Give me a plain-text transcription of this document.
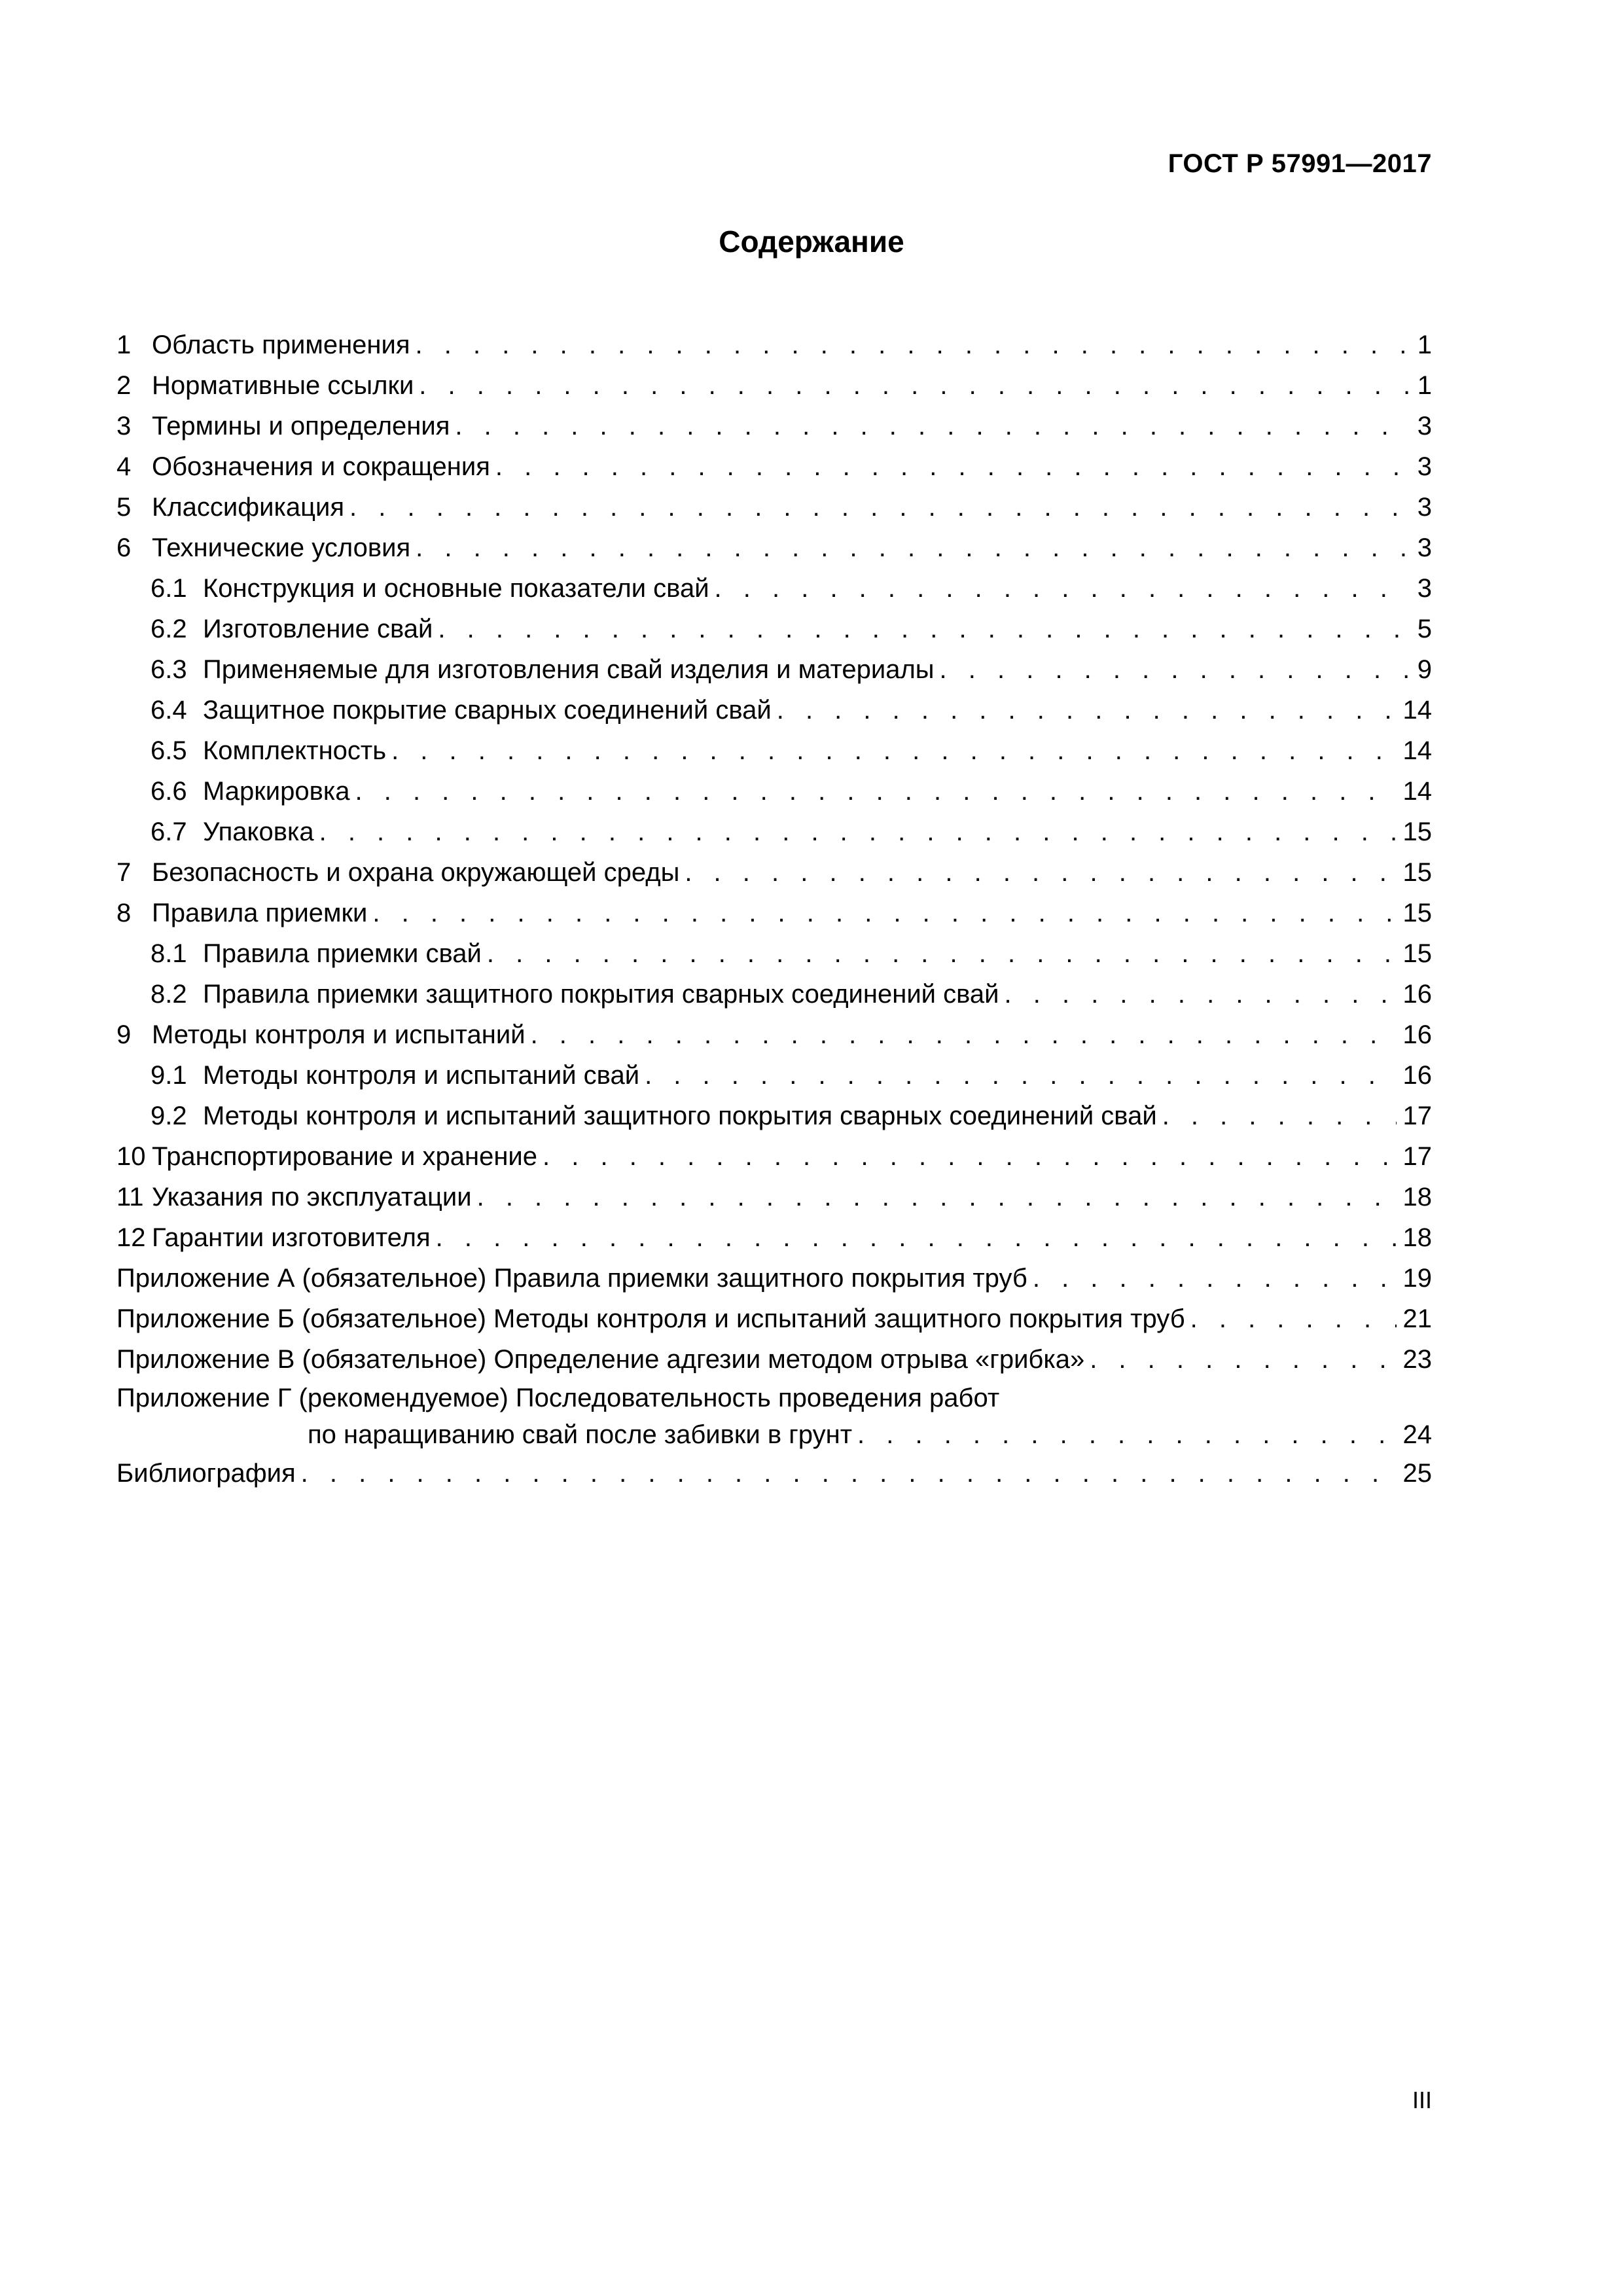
ГОСТ Р 57991—2017
Содержание
1 Область применения . . .	1
2 Нормативные ссылки . . .	1
3 Термины и определения . . .	3
4 Обозначения и сокращения . . .	3
5 Классификация . . .	3
6 Технические условия . . .	3
6.1 Конструкция и основные показатели свай . . .	3
6.2 Изготовление свай . . .	5
6.3 Применяемые для изготовления свай изделия и материалы . . .	9
6.4 Защитное покрытие сварных соединений свай . . .	14
6.5 Комплектность . . .	14
6.6 Маркировка . . .	14
6.7 Упаковка . . .	15
7 Безопасность и охрана окружающей среды . . .	15
8 Правила приемки . . .	15
8.1 Правила приемки свай . . .	15
8.2 Правила приемки защитного покрытия сварных соединений свай . . .	16
9 Методы контроля и испытаний . . .	16
9.1 Методы контроля и испытаний свай . . .	16
9.2 Методы контроля и испытаний защитного покрытия сварных соединений свай . . .	17
10 Транспортирование и хранение . . .	17
11 Указания по эксплуатации . . .	18
12 Гарантии изготовителя . . .	18
Приложение А (обязательное) Правила приемки защитного покрытия труб . . .	19
Приложение Б (обязательное) Методы контроля и испытаний защитного покрытия труб . . .	21
Приложение В (обязательное) Определение адгезии методом отрыва «грибка» . . .	23
Приложение Г (рекомендуемое) Последовательность проведения работ
по наращиванию свай после забивки в грунт . . .	24
Библиография . . .	25
III
